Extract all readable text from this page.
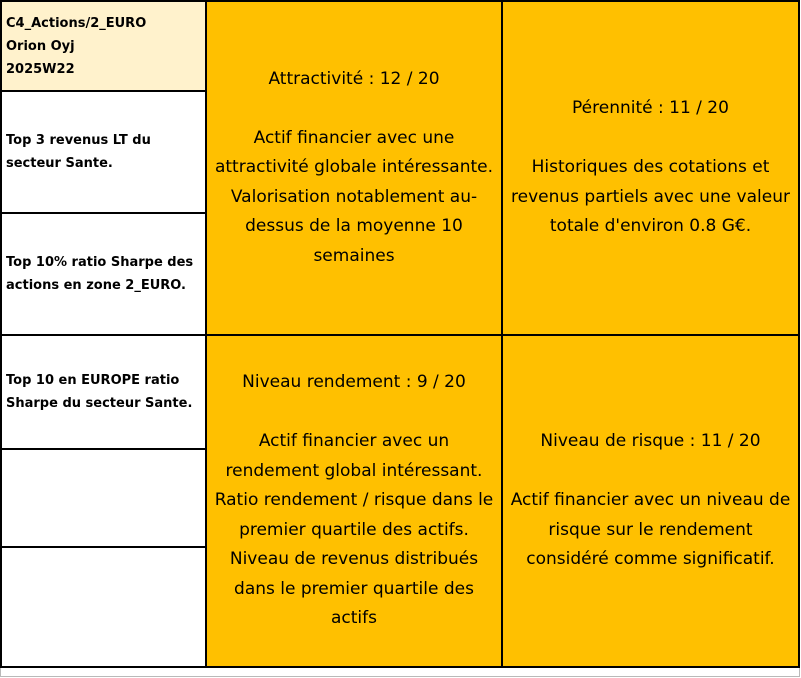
C4_Actions/2_EURO
Orion Oyj
2025W22
Top 3 revenus LT du
secteur Sante.
Top 10% ratio Sharpe des
actions en zone 2_EURO.
Top 10 en EUROPE ratio
Sharpe du secteur Sante.
Attractivité : 12 / 20
Actif financier avec une
attractivité globale intéressante.
Valorisation notablement au-
dessus de la moyenne 10
semaines
Pérennité : 11 / 20
Historiques des cotations et
revenus partiels avec une valeur
totale d'environ 0.8 G€.
Niveau rendement : 9 / 20
Actif financier avec un
rendement global intéressant.
Ratio rendement / risque dans le
premier quartile des actifs.
Niveau de revenus distribués
dans le premier quartile des
actifs
Niveau de risque : 11 / 20
Actif financier avec un niveau de
risque sur le rendement
considéré comme significatif.
